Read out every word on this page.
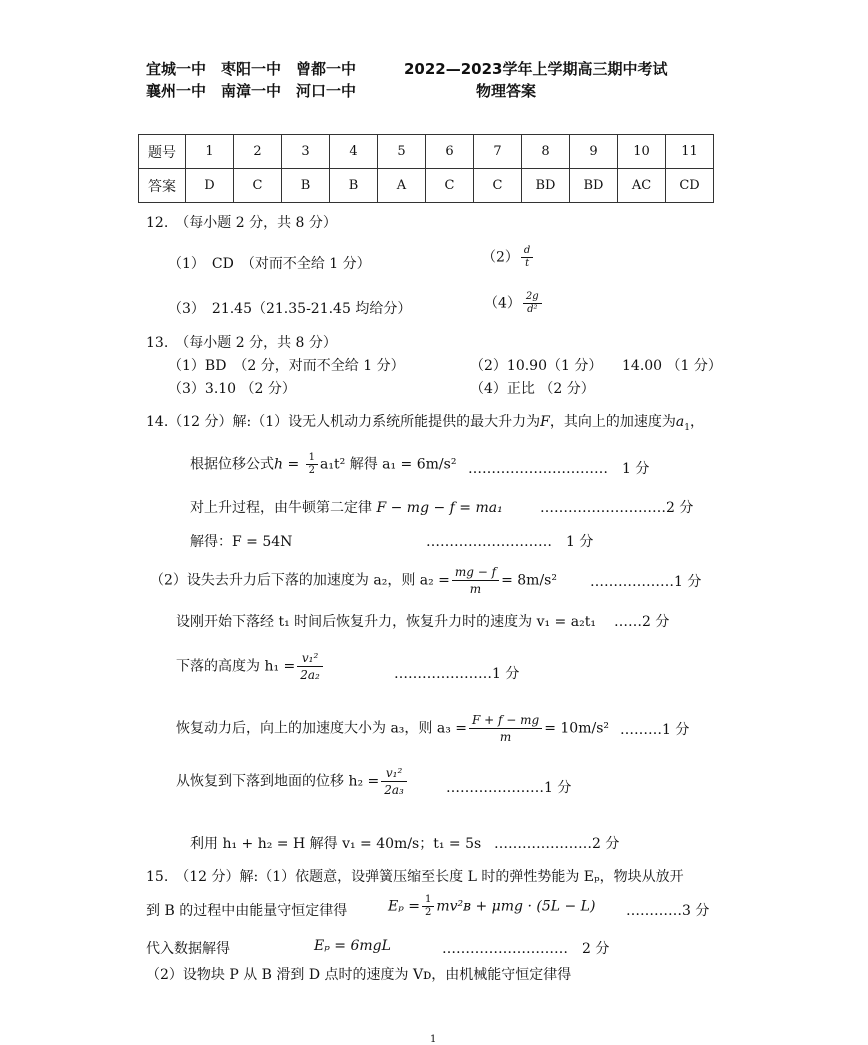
宜城一中　枣阳一中　曾都一中	2022—2023学年上学期高三期中考试
襄州一中　南漳一中　河口一中	物理答案
题号	1	2	3	4	5	6	7	8	9	10	11
答案	D	C	B	B	A	C	C	BD	BD	AC	CD
12.　（每小题 2 分，共 8 分）
（1）　CD　（对而不全给 1 分）	$(2) \frac{d}{t}$
（3）　21.45（21.35-21.45 均给分）	$(4) \frac{2g}{\text{d²}}$
13.　（每小题 2 分，共 8 分）
（1）BD　（2 分，对而不全给 1 分）	（2）10.90（1 分） 14.00 （1 分）
（3）3.10 （2 分）	（4）正比 （2 分）
14.（12 分）解:（1）设无人机动力系统所能提供的最大升力为F，其向上的加速度为$a_1$，
根据位移公式$h = \frac{1}{2} a_1t^2$ 解得 a₁ = 6m/s² …………………………　1 分
对上升过程，由牛顿第二定律 F − mg − f = ma₁	………………………2 分
解得：F = 54N	………………………　1 分
（2）设失去升力后下落的加速度为 a₂，则 $a_2 = \frac{mg - f}{m} = 8m/s^2$ ………………1 分
设刚开始下落经 t₁ 时间后恢复升力，恢复升力时的速度为 v₁ = a₂t₁ ……2 分
下落的高度为 $h_1 = \frac{\text{v₁²}}{\text{2a₂}}$	…………………1 分
恢复动力后，向上的加速度大小为 a₃，则 $a_3 = \frac{F + f - mg}{m} = 10m/s^2$ ………1 分
从恢复到下落到地面的位移 $h_2 = \frac{\text{v₁²}}{\text{2a₃}}$	…………………1 分
利用 h₁ + h₂ = H 解得 v₁ = 40m/s；t₁ = 5s …………………2 分
15.　（12 分）解:（1）依题意，设弹簧压缩至长度 L 时的弹性势能为 Eₚ，物块从放开
到 B 的过程中由能量守恒定律得	$E_p = \frac{1}{2}$ mv²ʙ + μmg · (5L − L) …………3 分
代入数据解得	Eₚ = 6mgL	………………………　2 分
（2）设物块 P 从 B 滑到 D 点时的速度为 Vᴅ，由机械能守恒定律得
1
